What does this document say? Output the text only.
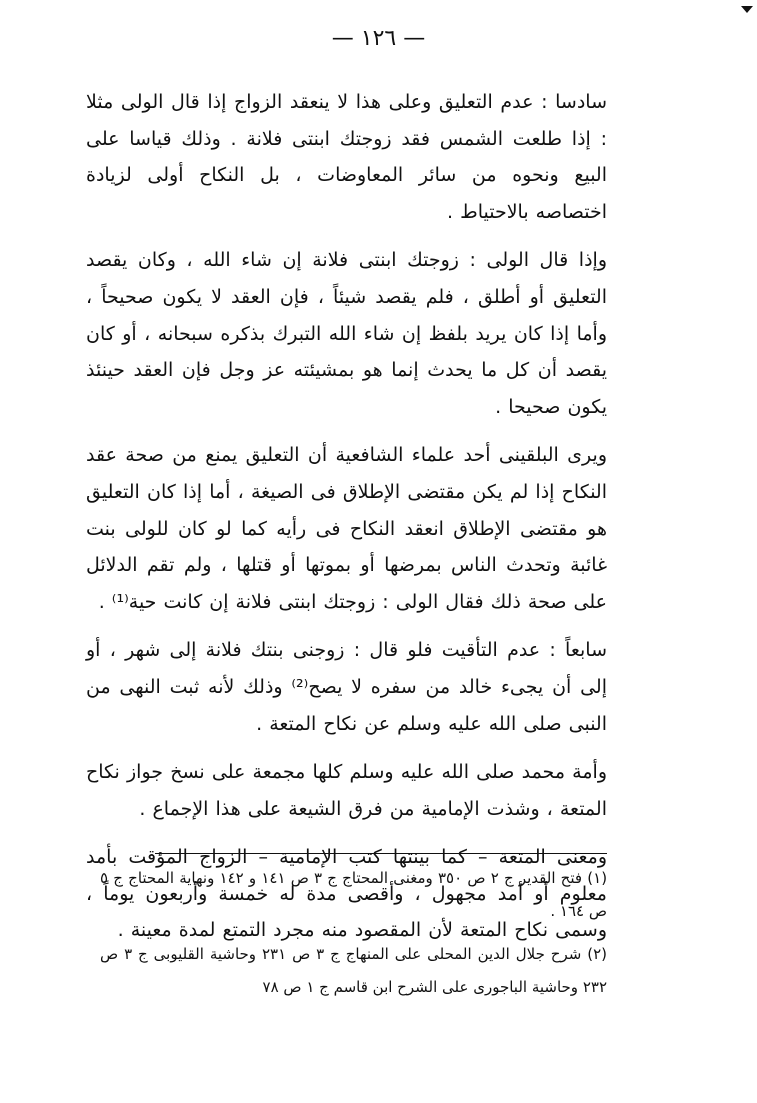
— ١٢٦ —

سادسا : عدم التعليق وعلى هذا لا ينعقد الزواج إذا قال الولى مثلا : إذا طلعت الشمس فقد زوجتك ابنتى فلانة . وذلك قياسا على البيع ونحوه من سائر المعاوضات ، بل النكاح أولى لزيادة اختصاصه بالاحتياط .

وإذا قال الولى : زوجتك ابنتى فلانة إن شاء الله ، وكان يقصد التعليق أو أطلق ، فلم يقصد شيئاً ، فإن العقد لا يكون صحيحاً ، وأما إذا كان يريد بلفظ إن شاء الله التبرك بذكره سبحانه ، أو كان يقصد أن كل ما يحدث إنما هو بمشيئته عز وجل فإن العقد حينئذ يكون صحيحا .

ويرى البلقينى أحد علماء الشافعية أن التعليق يمنع من صحة عقد النكاح إذا لم يكن مقتضى الإطلاق فى الصيغة ، أما إذا كان التعليق هو مقتضى الإطلاق انعقد النكاح فى رأيه كما لو كان للولى بنت غائبة وتحدث الناس بمرضها أو بموتها أو قتلها ، ولم تقم الدلائل على صحة ذلك فقال الولى : زوجتك ابنتى فلانة إن كانت حية⁽¹⁾ .

سابعاً : عدم التأقيت فلو قال : زوجنى بنتك فلانة إلى شهر ، أو إلى أن يجىء خالد من سفره لا يصح⁽²⁾ وذلك لأنه ثبت النهى من النبى صلى الله عليه وسلم عن نكاح المتعة .

وأمة محمد صلى الله عليه وسلم كلها مجمعة على نسخ جواز نكاح المتعة ، وشذت الإمامية من فرق الشيعة على هذا الإجماع .

ومعنى المتعة – كما بينتها كتب الإمامية – الزواج المؤقت بأمد معلوم أو أمد مجهول ، وأقصى مدة له خمسة وأربعون يوماً ، وسمى نكاح المتعة لأن المقصود منه مجرد التمتع لمدة معينة .

(١) فتح القدير ج ٢ ص ٣٥٠ ومغنى المحتاج ج ٣ ص ١٤١ و ١٤٢ ونهاية المحتاج ج ٥ ص ١٦٤ .

(٢) شرح جلال الدين المحلى على المنهاج ج ٣ ص ٢٣١ وحاشية القليوبى ج ٣ ص ٢٣٢ وحاشية الباجورى على الشرح ابن قاسم ج ١ ص ٧٨
